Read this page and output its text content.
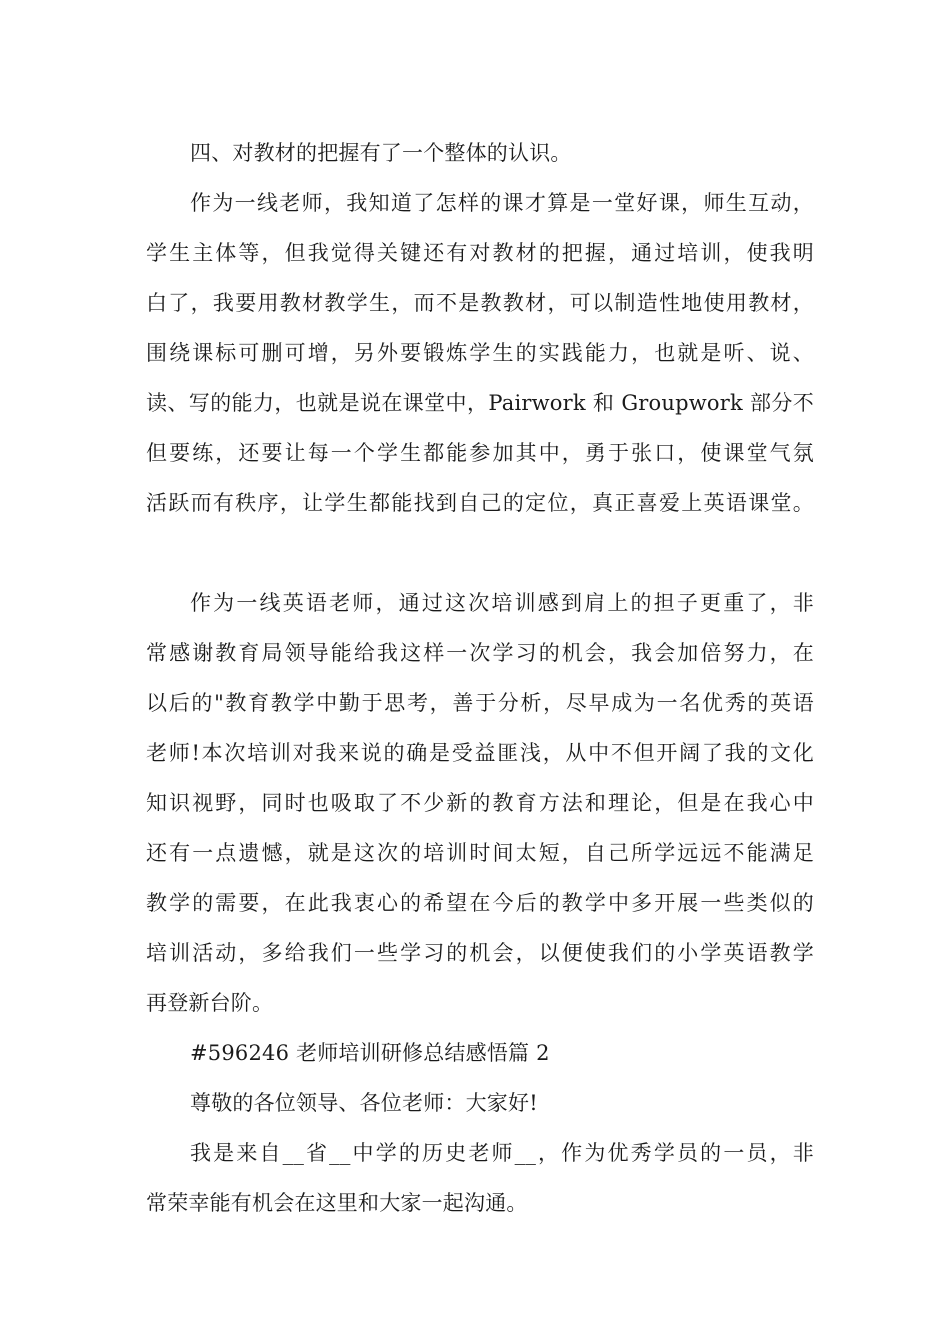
四、对教材的把握有了一个整体的认识。
作为一线老师，我知道了怎样的课才算是一堂好课，师生互动，
学生主体等，但我觉得关键还有对教材的把握，通过培训，使我明
白了，我要用教材教学生，而不是教教材，可以制造性地使用教材，
围绕课标可删可增，另外要锻炼学生的实践能力，也就是听、说、
读、写的能力，也就是说在课堂中，Pairwork 和 Groupwork 部分不
但要练，还要让每一个学生都能参加其中，勇于张口，使课堂气氛
活跃而有秩序，让学生都能找到自己的定位，真正喜爱上英语课堂。
作为一线英语老师，通过这次培训感到肩上的担子更重了，非
常感谢教育局领导能给我这样一次学习的机会，我会加倍努力，在
以后的"教育教学中勤于思考，善于分析，尽早成为一名优秀的英语
老师!本次培训对我来说的确是受益匪浅，从中不但开阔了我的文化
知识视野，同时也吸取了不少新的教育方法和理论，但是在我心中
还有一点遗憾，就是这次的培训时间太短，自己所学远远不能满足
教学的需要，在此我衷心的希望在今后的教学中多开展一些类似的
培训活动，多给我们一些学习的机会，以便使我们的小学英语教学
再登新台阶。
#596246 老师培训研修总结感悟篇 2
尊敬的各位领导、各位老师：大家好!
我是来自__省__中学的历史老师__，作为优秀学员的一员，非
常荣幸能有机会在这里和大家一起沟通。
